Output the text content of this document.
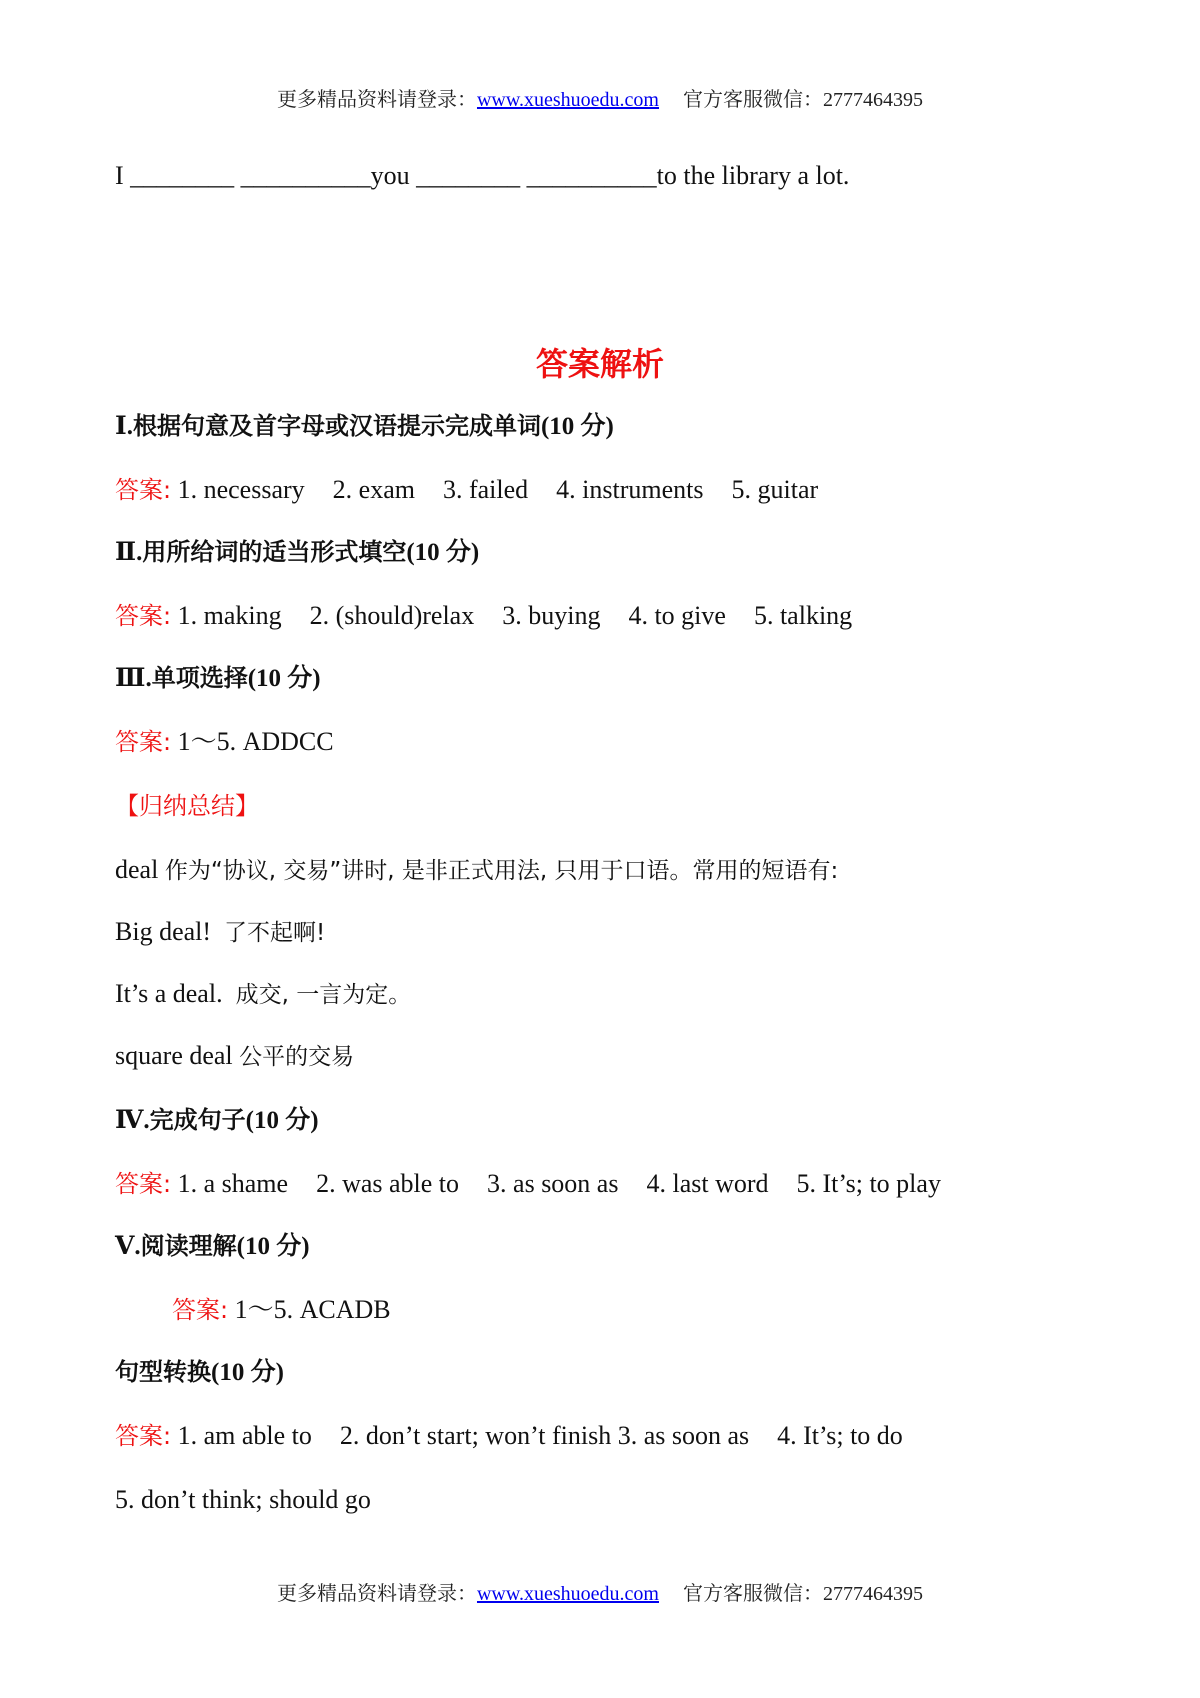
更多精品资料请登录：www.xueshuoedu.com 官方客服微信：2777464395
I ________ __________you ________ __________to the library a lot.
答案解析
Ⅰ.根据句意及首字母或汉语提示完成单词(10 分)
答案: 1. necessary 2. exam 3. failed 4. instruments 5. guitar
Ⅱ.用所给词的适当形式填空(10 分)
答案: 1. making 2. (should)relax 3. buying 4. to give 5. talking
Ⅲ.单项选择(10 分)
答案: 1～5. ADDCC
【归纳总结】
deal 作为“协议, 交易”讲时, 是非正式用法, 只用于口语。常用的短语有:
Big deal! 了不起啊!
It’s a deal. 成交, 一言为定。
square deal 公平的交易
Ⅳ.完成句子(10 分)
答案: 1. a shame 2. was able to 3. as soon as 4. last word 5. It’s; to play
Ⅴ.阅读理解(10 分)
答案: 1～5. ACADB
句型转换(10 分)
答案: 1. am able to 2. don’t start; won’t finish 3. as soon as 4. It’s; to do
5. don’t think; should go
更多精品资料请登录：www.xueshuoedu.com 官方客服微信：2777464395
